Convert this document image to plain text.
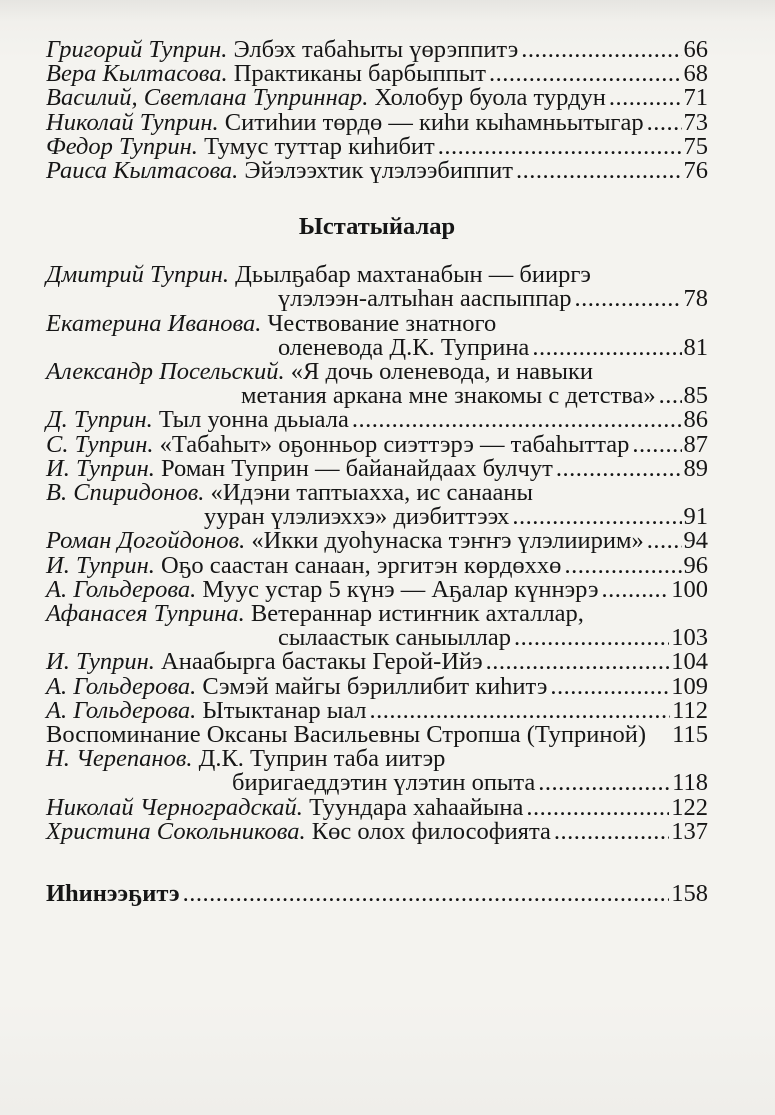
Григорий Туприн.
Элбэх табаһыты үөрэппитэ .....	66
Вера Кылтасова.
Практиканы барбыппыт .....	68
Василий, Светлана Туприннар.
Холобур буола турдун .....	71
Николай Туприн.
Ситиһии төрдө — киһи кыһамньытыгар ..... 73
Федор Туприн.
Тумус туттар киһибит .....	75
Раиса Кылтасова.
Эйэлээхтик үлэлээбиппит .....	76
Ыстатыйалар
Дмитрий Туприн.
Дьылҕабар махтанабын — бииргэ
үлэлээн-алтыһан ааспыппар .....	78
Екатерина Иванова.
Чествование знатного
оленевода Д.К. Туприна .....	81
Александр Посельский.
«Я дочь оленевода, и навыки
метания аркана мне знакомы с детства» ..... 85
Д. Туприн.
Тыл уонна дьыала .....	86
С. Туприн.
«Табаһыт» оҕонньор сиэттэрэ — табаһыттар ..... 87
И. Туприн.
Роман Туприн — байанайдаах булчут .....	89
В. Спиридонов.
«Идэни таптыахха, ис санааны
ууран үлэлиэххэ» диэбиттээх .....	91
Роман Догойдонов.
«Икки дуоһунаска тэҥҥэ үлэлиирим» ..... 94
И. Туприн.
Оҕо саастан санаан, эргитэн көрдөххө .....	96
А. Гольдерова.
Муус устар 5 күнэ — Аҕалар күннэрэ .....	100
Афанасея Туприна.
Ветераннар истиҥник ахталлар,
сылаастык саныыллар .....	103
И. Туприн.
Анаабырга бастакы Герой-Ийэ .....	104
А. Гольдерова.
Сэмэй майгы бэриллибит киһитэ .....	109
А. Гольдерова.
Ытыктанар ыал .....	112
Воспоминание Оксаны Васильевны Стропша (Тупринoй) 115
Н. Черепанов.
Д.К. Туприн таба иитэр
биригаеддэтин үлэтин опыта .....	118
Николай Черноградскай.
Туундара хаһаайына .....	122
Христина Сокольникова.
Көс олох философията .....	137
Иһинээҕитэ .....	158
